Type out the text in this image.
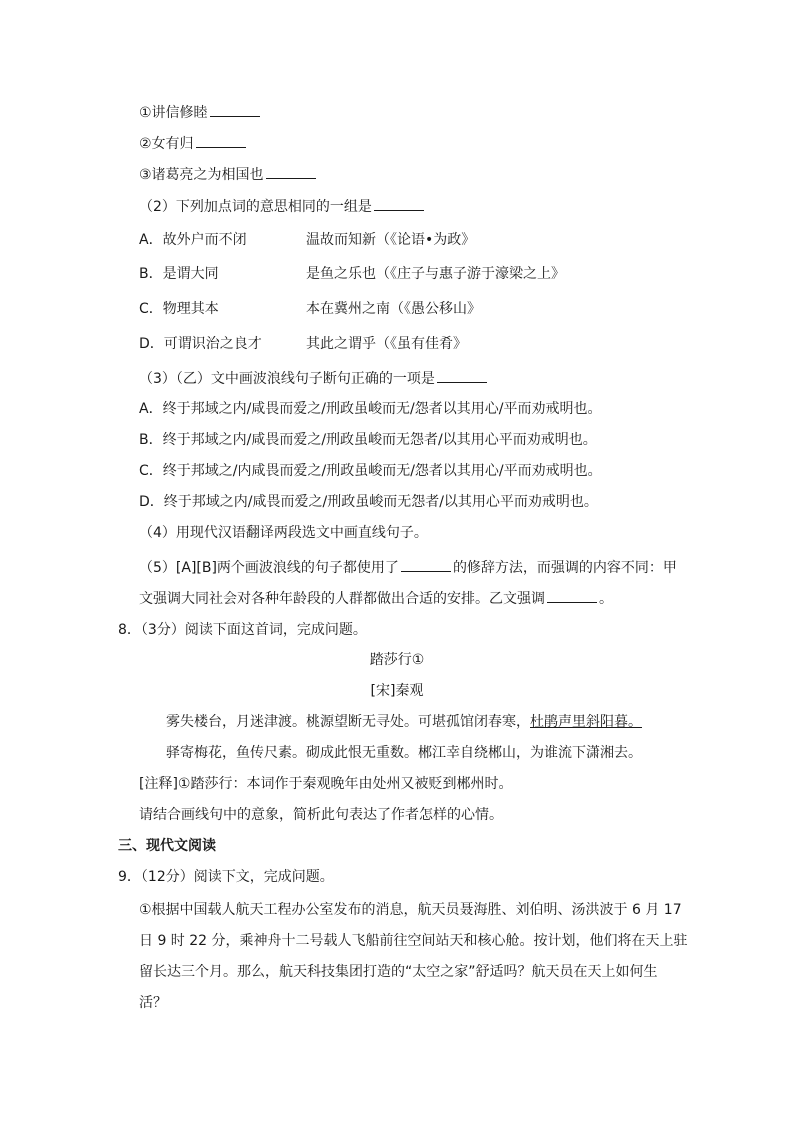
①讲信修睦
②女有归
③诸葛亮之为相国也
（2）下列加点词的意思相同的一组是
A．故外户而不闭	温故而知新（《论语•为政》
B．是谓大同	是鱼之乐也（《庄子与惠子游于濠梁之上》
C．物理其本	本在冀州之南（《愚公移山》
D．可谓识治之良才	其此之谓乎（《虽有佳肴》
（3）（乙）文中画波浪线句子断句正确的一项是
A．终于邦域之内/咸畏而爱之/刑政虽峻而无/怨者以其用心/平而劝戒明也。
B．终于邦域之内/咸畏而爱之/刑政虽峻而无怨者/以其用心平而劝戒明也。
C．终于邦域之/内咸畏而爱之/刑政虽峻而无/怨者以其用心/平而劝戒明也。
D．终于邦域之内/咸畏而爱之/刑政虽峻而无怨者/以其用心平而劝戒明也。
（4）用现代汉语翻译两段选文中画直线句子。
（5）[A][B]两个画波浪线的句子都使用了	的修辞方法，而强调的内容不同：甲
文强调大同社会对各种年龄段的人群都做出合适的安排。乙文强调	。
8．（3分）阅读下面这首词，完成问题。
踏莎行①
[宋]秦观
雾失楼台，月迷津渡。桃源望断无寻处。可堪孤馆闭春寒，杜鹃声里斜阳暮。
驿寄梅花，鱼传尺素。砌成此恨无重数。郴江幸自绕郴山，为谁流下潇湘去。
[注释]①踏莎行：本词作于秦观晚年由处州又被贬到郴州时。
请结合画线句中的意象，简析此句表达了作者怎样的心情。
三、现代文阅读
9．（12分）阅读下文，完成问题。
①根据中国载人航天工程办公室发布的消息，航天员聂海胜、刘伯明、汤洪波于 6 月 17
日 9 时 22 分，乘神舟十二号载人飞船前往空间站天和核心舱。按计划，他们将在天上驻
留长达三个月。那么，航天科技集团打造的“太空之家”舒适吗？航天员在天上如何生
活？
